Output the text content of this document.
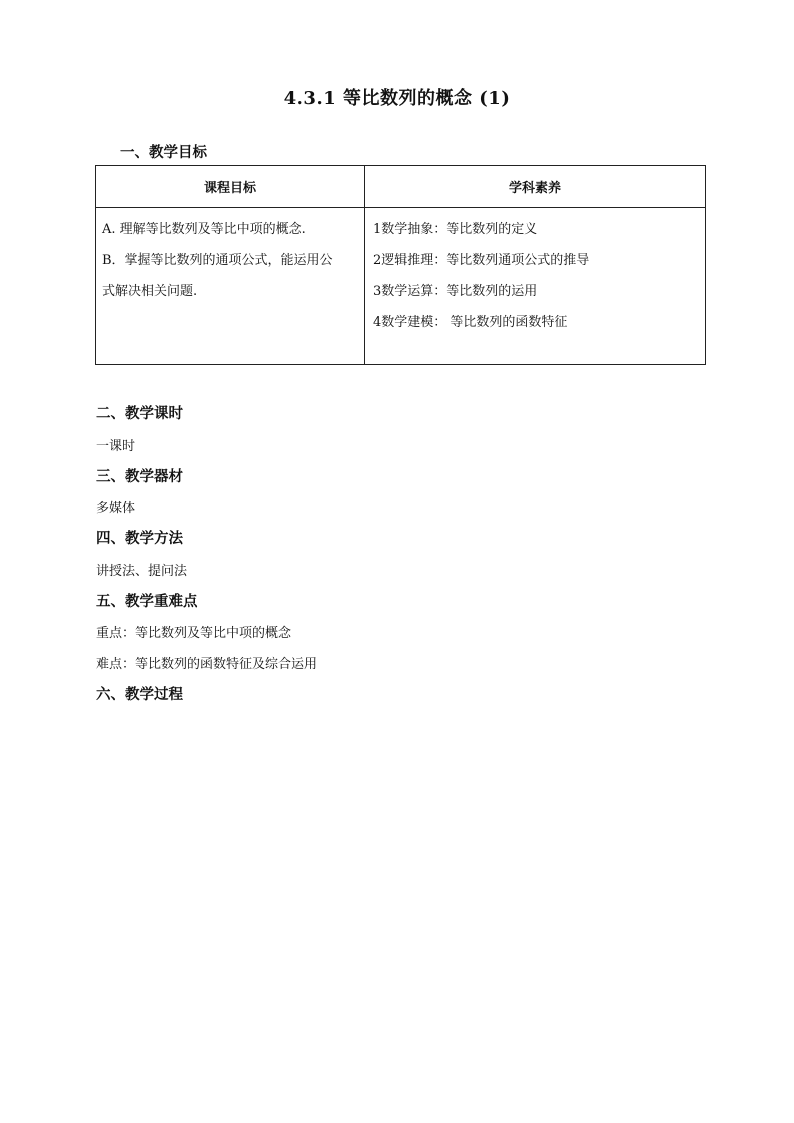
4.3.1 等比数列的概念 (1)
一、教学目标
课程目标	学科素养

A. 理解等比数列及等比中项的概念.
B．掌握等比数列的通项公式，能运用公
式解决相关问题.	1数学抽象：等比数列的定义
2逻辑推理：等比数列通项公式的推导
3数学运算：等比数列的运用
4数学建模： 等比数列的函数特征
二、教学课时
一课时
三、教学器材
多媒体
四、教学方法
讲授法、提问法
五、教学重难点
重点：等比数列及等比中项的概念
难点：等比数列的函数特征及综合运用
六、教学过程
